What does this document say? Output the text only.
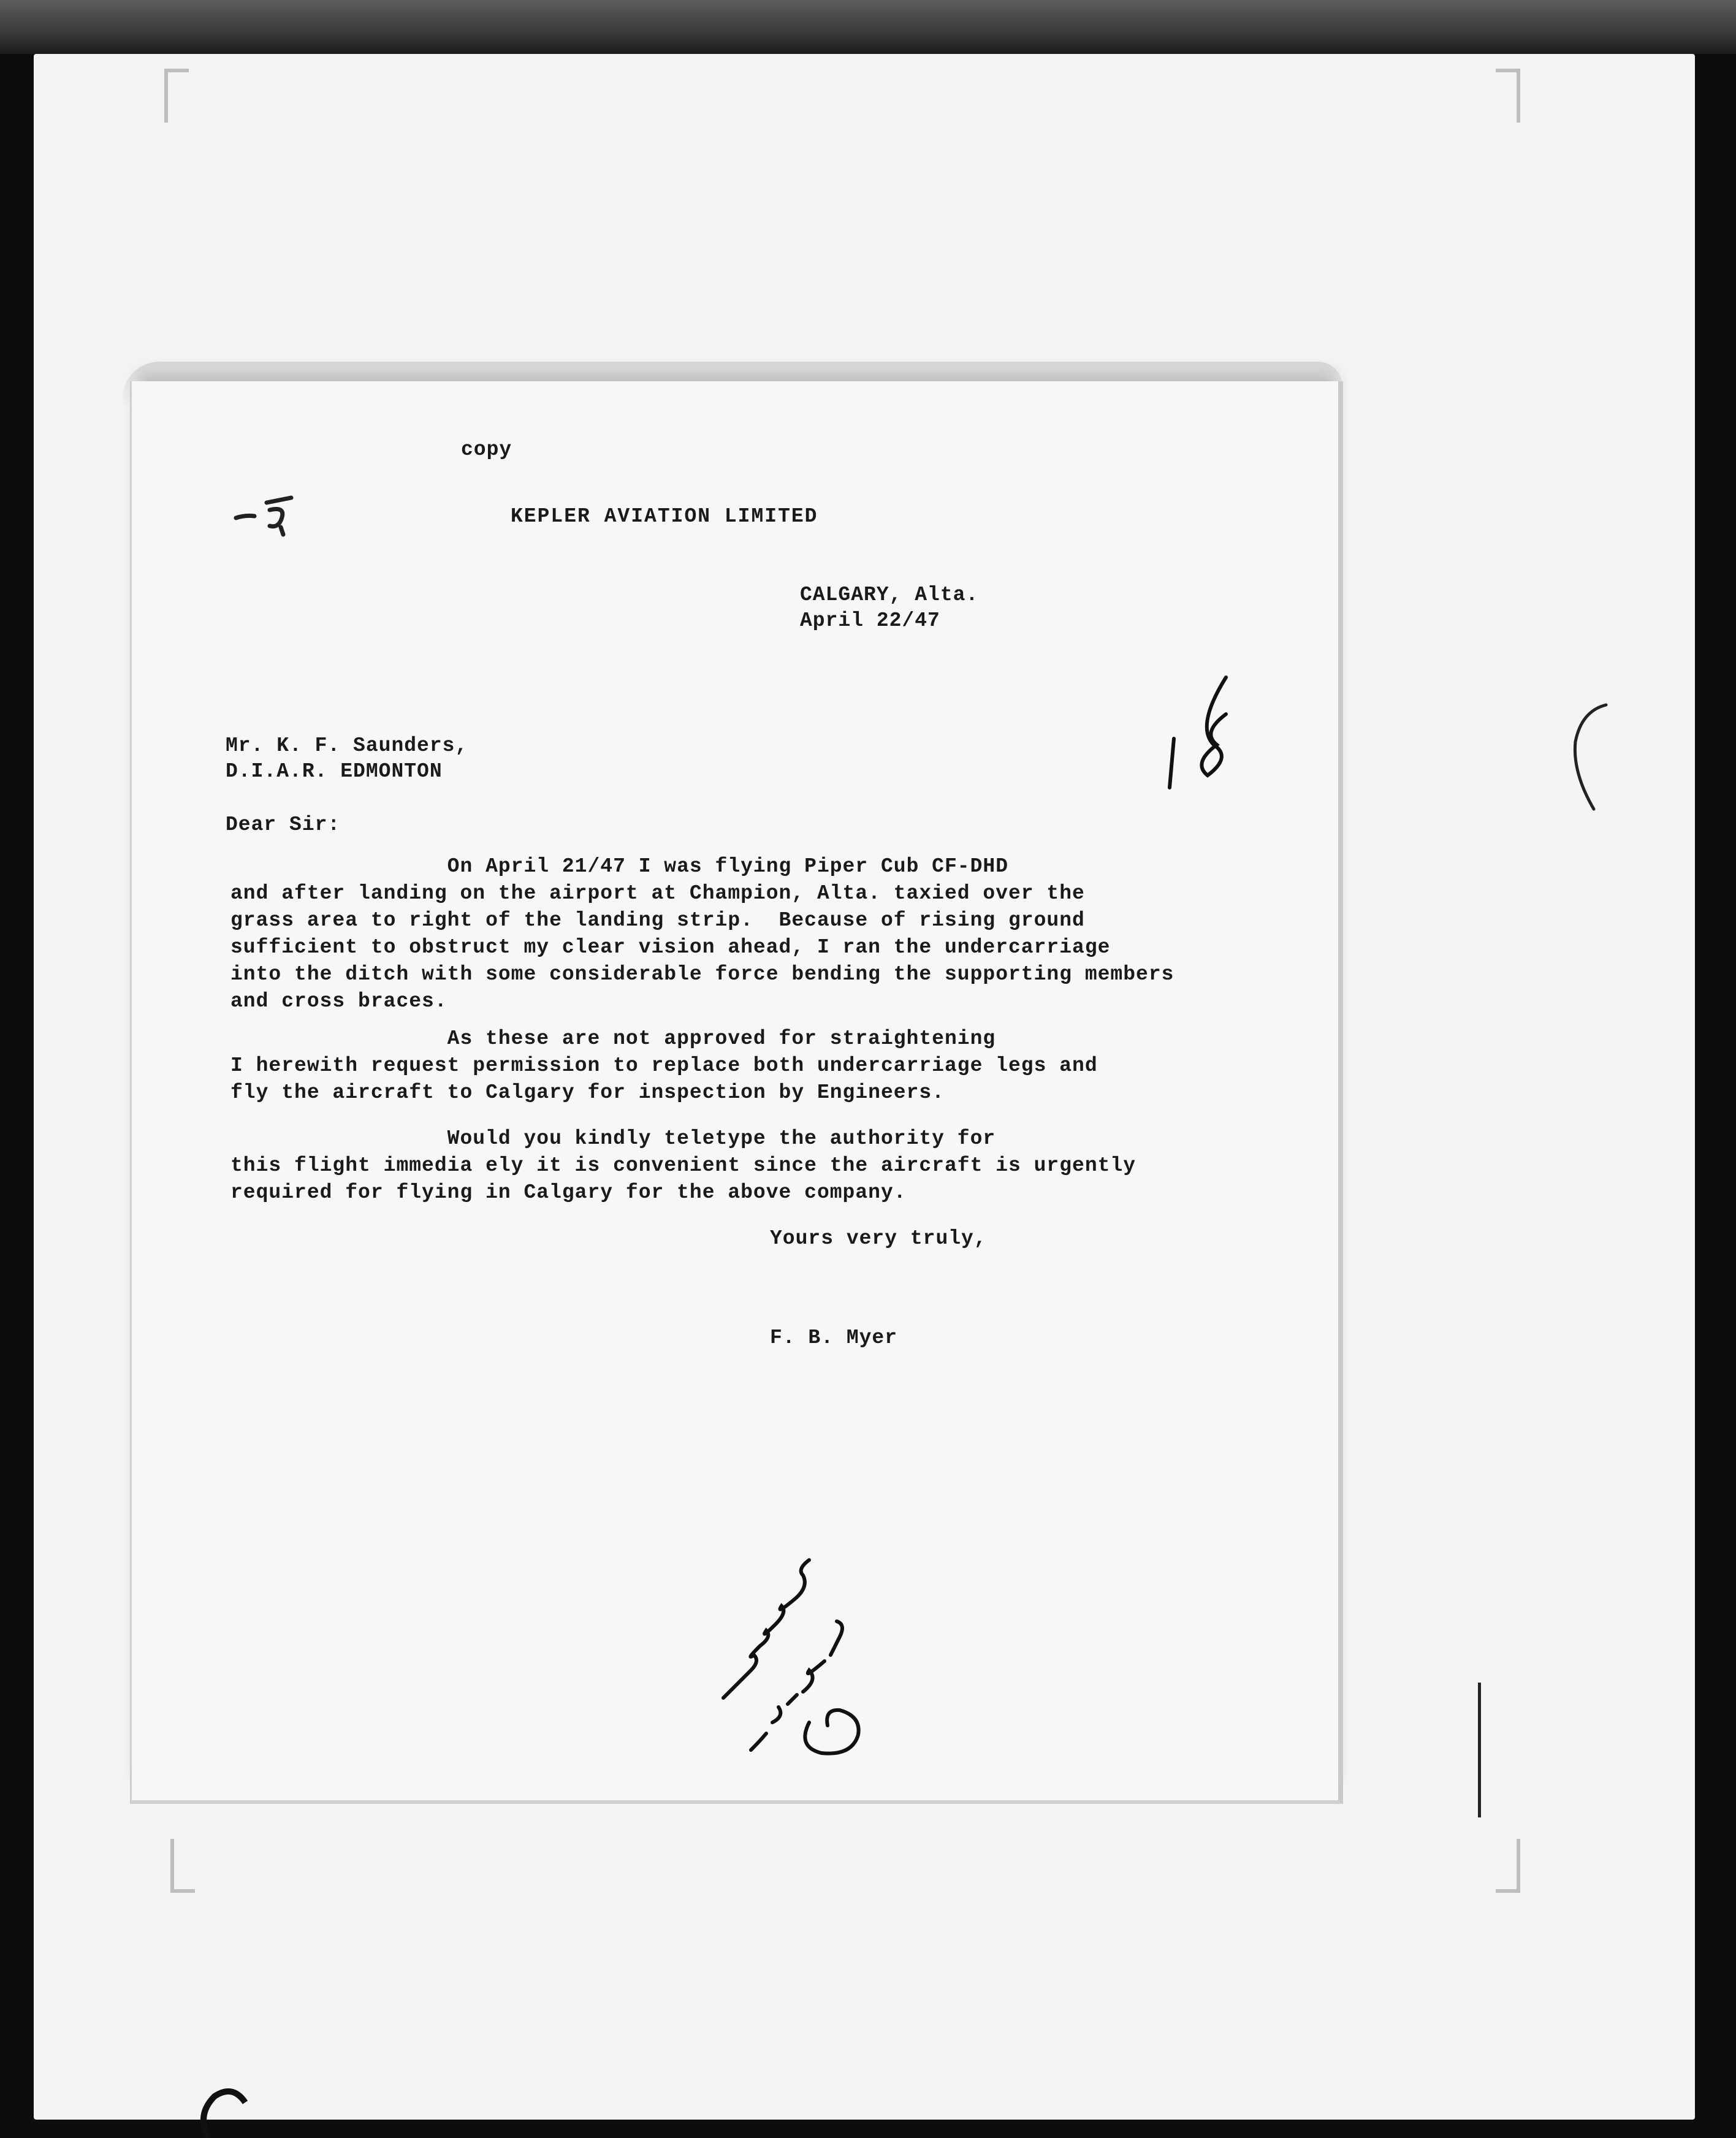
copy
KEPLER AVIATION LIMITED
CALGARY, Alta.
April 22/47
Mr. K. F. Saunders,
D.I.A.R. EDMONTON
Dear Sir:
On April 21/47 I was flying Piper Cub CF-DHD
and after landing on the airport at Champion, Alta. taxied over the
grass area to right of the landing strip.  Because of rising ground
sufficient to obstruct my clear vision ahead, I ran the undercarriage
into the ditch with some considerable force bending the supporting members
and cross braces.
As these are not approved for straightening
I herewith request permission to replace both undercarriage legs and
fly the aircraft to Calgary for inspection by Engineers.
Would you kindly teletype the authority for
this flight immedia ely it is convenient since the aircraft is urgently
required for flying in Calgary for the above company.
Yours very truly,
F. B. Myer
